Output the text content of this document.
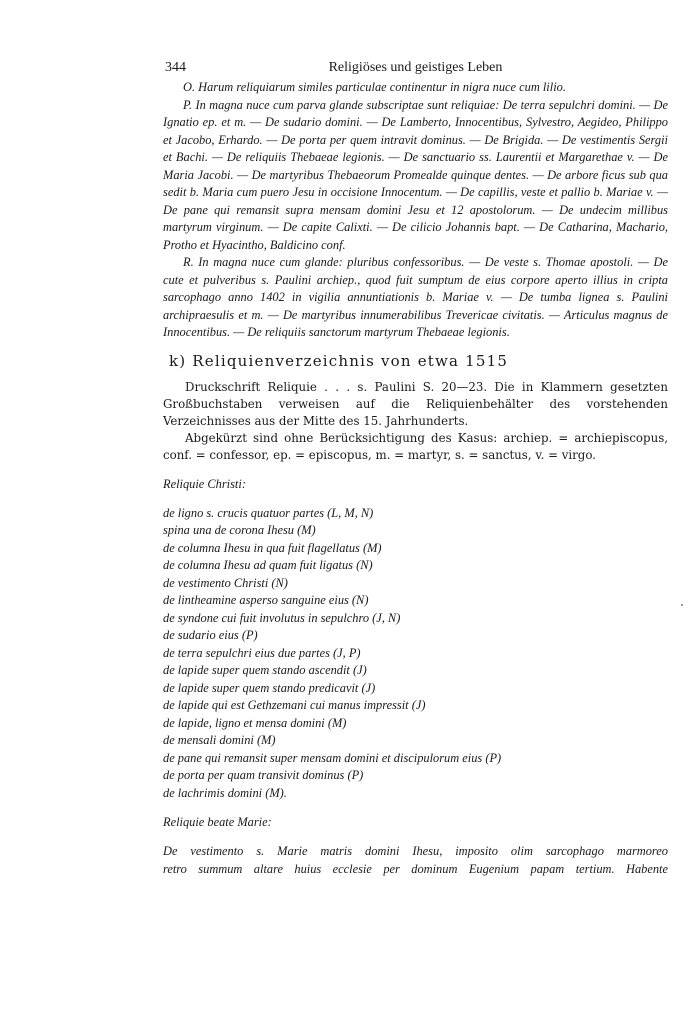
344	Religiöses und geistiges Leben

O. Harum reliquiarum similes particulae continentur in nigra nuce cum lilio.

P. In magna nuce cum parva glande subscriptae sunt reliquiae: De terra sepulchri domini. — De Ignatio ep. et m. — De sudario domini. — De Lamberto, Innocentibus, Sylvestro, Aegideo, Philippo et Jacobo, Erhardo. — De porta per quem intravit dominus. — De Brigida. — De vestimentis Sergii et Bachi. — De reliquiis Thebaeae legionis. — De sanctuario ss. Laurentii et Margarethae v. — De Maria Jacobi. — De martyribus Thebaeorum Promealde quinque dentes. — De arbore ficus sub qua sedit b. Maria cum puero Jesu in occisione Innocentum. — De capillis, veste et pallio b. Mariae v. — De pane qui remansit supra mensam domini Jesu et 12 apostolorum. — De undecim millibus martyrum virginum. — De capite Calixti. — De cilicio Johannis bapt. — De Catharina, Machario, Protho et Hyacintho, Baldicino conf.

R. In magna nuce cum glande: pluribus confessoribus. — De veste s. Thomae apostoli. — De cute et pulveribus s. Paulini archiep., quod fuit sumptum de eius corpore aperto illius in cripta sarcophago anno 1402 in vigilia annuntiationis b. Mariae v. — De tumba lignea s. Paulini archipraesulis et m. — De martyribus innumerabilibus Trevericae civitatis. — Articulus magnus de Innocentibus. — De reliquiis sanctorum martyrum Thebaeae legionis.

k) Reliquienverzeichnis von etwa 1515

Druckschrift Reliquie . . . s. Paulini S. 20—23. Die in Klammern gesetzten Großbuchstaben verweisen auf die Reliquienbehälter des vorstehenden Verzeichnisses aus der Mitte des 15. Jahrhunderts.

Abgekürzt sind ohne Berücksichtigung des Kasus: archiep. = archiepiscopus, conf. = confessor, ep. = episcopus, m. = martyr, s. = sanctus, v. = virgo.

Reliquie Christi:
de ligno s. crucis quatuor partes (L, M, N)
spina una de corona Ihesu (M)
de columna Ihesu in qua fuit flagellatus (M)
de columna Ihesu ad quam fuit ligatus (N)
de vestimento Christi (N)
de lintheamine asperso sanguine eius (N)
de syndone cui fuit involutus in sepulchro (J, N)
de sudario eius (P)
de terra sepulchri eius due partes (J, P)
de lapide super quem stando ascendit (J)
de lapide super quem stando predicavit (J)
de lapide qui est Gethzemani cui manus impressit (J)
de lapide, ligno et mensa domini (M)
de mensali domini (M)
de pane qui remansit super mensam domini et discipulorum eius (P)
de porta per quam transivit dominus (P)
de lachrimis domini (M).
Reliquie beate Marie:

De vestimento s. Marie matris domini Ihesu, imposito olim sarcophago marmoreo
retro summum altare huius ecclesie per dominum Eugenium papam tertium. Habente
